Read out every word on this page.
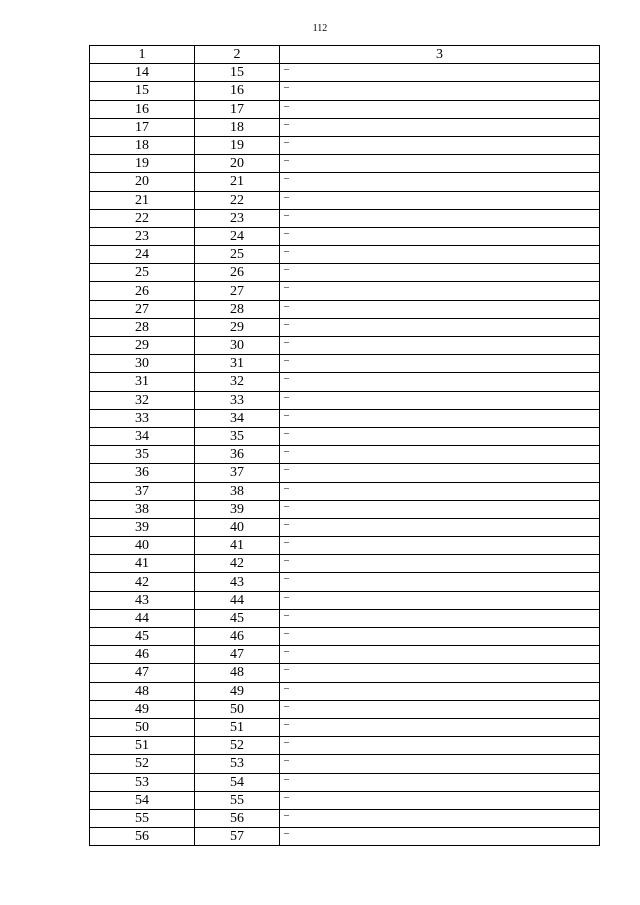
112
1	2	3
14	15	–
15	16	–
16	17	–
17	18	–
18	19	–
19	20	–
20	21	–
21	22	–
22	23	–
23	24	–
24	25	–
25	26	–
26	27	–
27	28	–
28	29	–
29	30	–
30	31	–
31	32	–
32	33	–
33	34	–
34	35	–
35	36	–
36	37	–
37	38	–
38	39	–
39	40	–
40	41	–
41	42	–
42	43	–
43	44	–
44	45	–
45	46	–
46	47	–
47	48	–
48	49	–
49	50	–
50	51	–
51	52	–
52	53	–
53	54	–
54	55	–
55	56	–
56	57	–
